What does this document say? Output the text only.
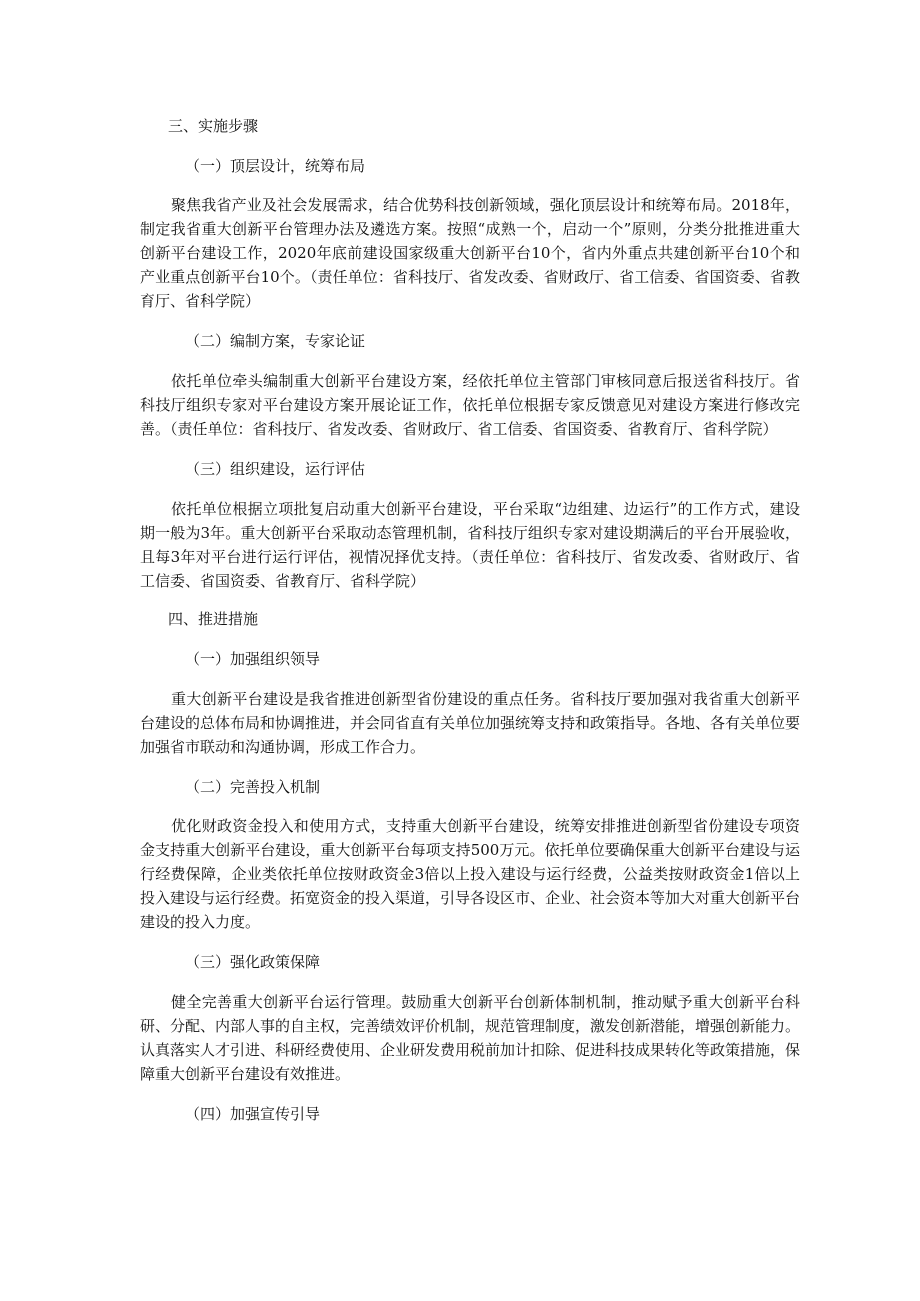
三、实施步骤

（一）顶层设计，统筹布局

聚焦我省产业及社会发展需求，结合优势科技创新领域，强化顶层设计和统筹布局。2018年，制定我省重大创新平台管理办法及遴选方案。按照“成熟一个，启动一个”原则，分类分批推进重大创新平台建设工作，2020年底前建设国家级重大创新平台10个，省内外重点共建创新平台10个和产业重点创新平台10个。（责任单位：省科技厅、省发改委、省财政厅、省工信委、省国资委、省教育厅、省科学院）

（二）编制方案，专家论证

依托单位牵头编制重大创新平台建设方案，经依托单位主管部门审核同意后报送省科技厅。省科技厅组织专家对平台建设方案开展论证工作，依托单位根据专家反馈意见对建设方案进行修改完善。（责任单位：省科技厅、省发改委、省财政厅、省工信委、省国资委、省教育厅、省科学院）

（三）组织建设，运行评估

依托单位根据立项批复启动重大创新平台建设，平台采取“边组建、边运行”的工作方式，建设期一般为3年。重大创新平台采取动态管理机制，省科技厅组织专家对建设期满后的平台开展验收，且每3年对平台进行运行评估，视情况择优支持。（责任单位：省科技厅、省发改委、省财政厅、省工信委、省国资委、省教育厅、省科学院）

四、推进措施

（一）加强组织领导

重大创新平台建设是我省推进创新型省份建设的重点任务。省科技厅要加强对我省重大创新平台建设的总体布局和协调推进，并会同省直有关单位加强统筹支持和政策指导。各地、各有关单位要加强省市联动和沟通协调，形成工作合力。

（二）完善投入机制

优化财政资金投入和使用方式，支持重大创新平台建设，统筹安排推进创新型省份建设专项资金支持重大创新平台建设，重大创新平台每项支持500万元。依托单位要确保重大创新平台建设与运行经费保障，企业类依托单位按财政资金3倍以上投入建设与运行经费，公益类按财政资金1倍以上投入建设与运行经费。拓宽资金的投入渠道，引导各设区市、企业、社会资本等加大对重大创新平台建设的投入力度。

（三）强化政策保障

健全完善重大创新平台运行管理。鼓励重大创新平台创新体制机制，推动赋予重大创新平台科研、分配、内部人事的自主权，完善绩效评价机制，规范管理制度，激发创新潜能，增强创新能力。认真落实人才引进、科研经费使用、企业研发费用税前加计扣除、促进科技成果转化等政策措施，保障重大创新平台建设有效推进。

（四）加强宣传引导
